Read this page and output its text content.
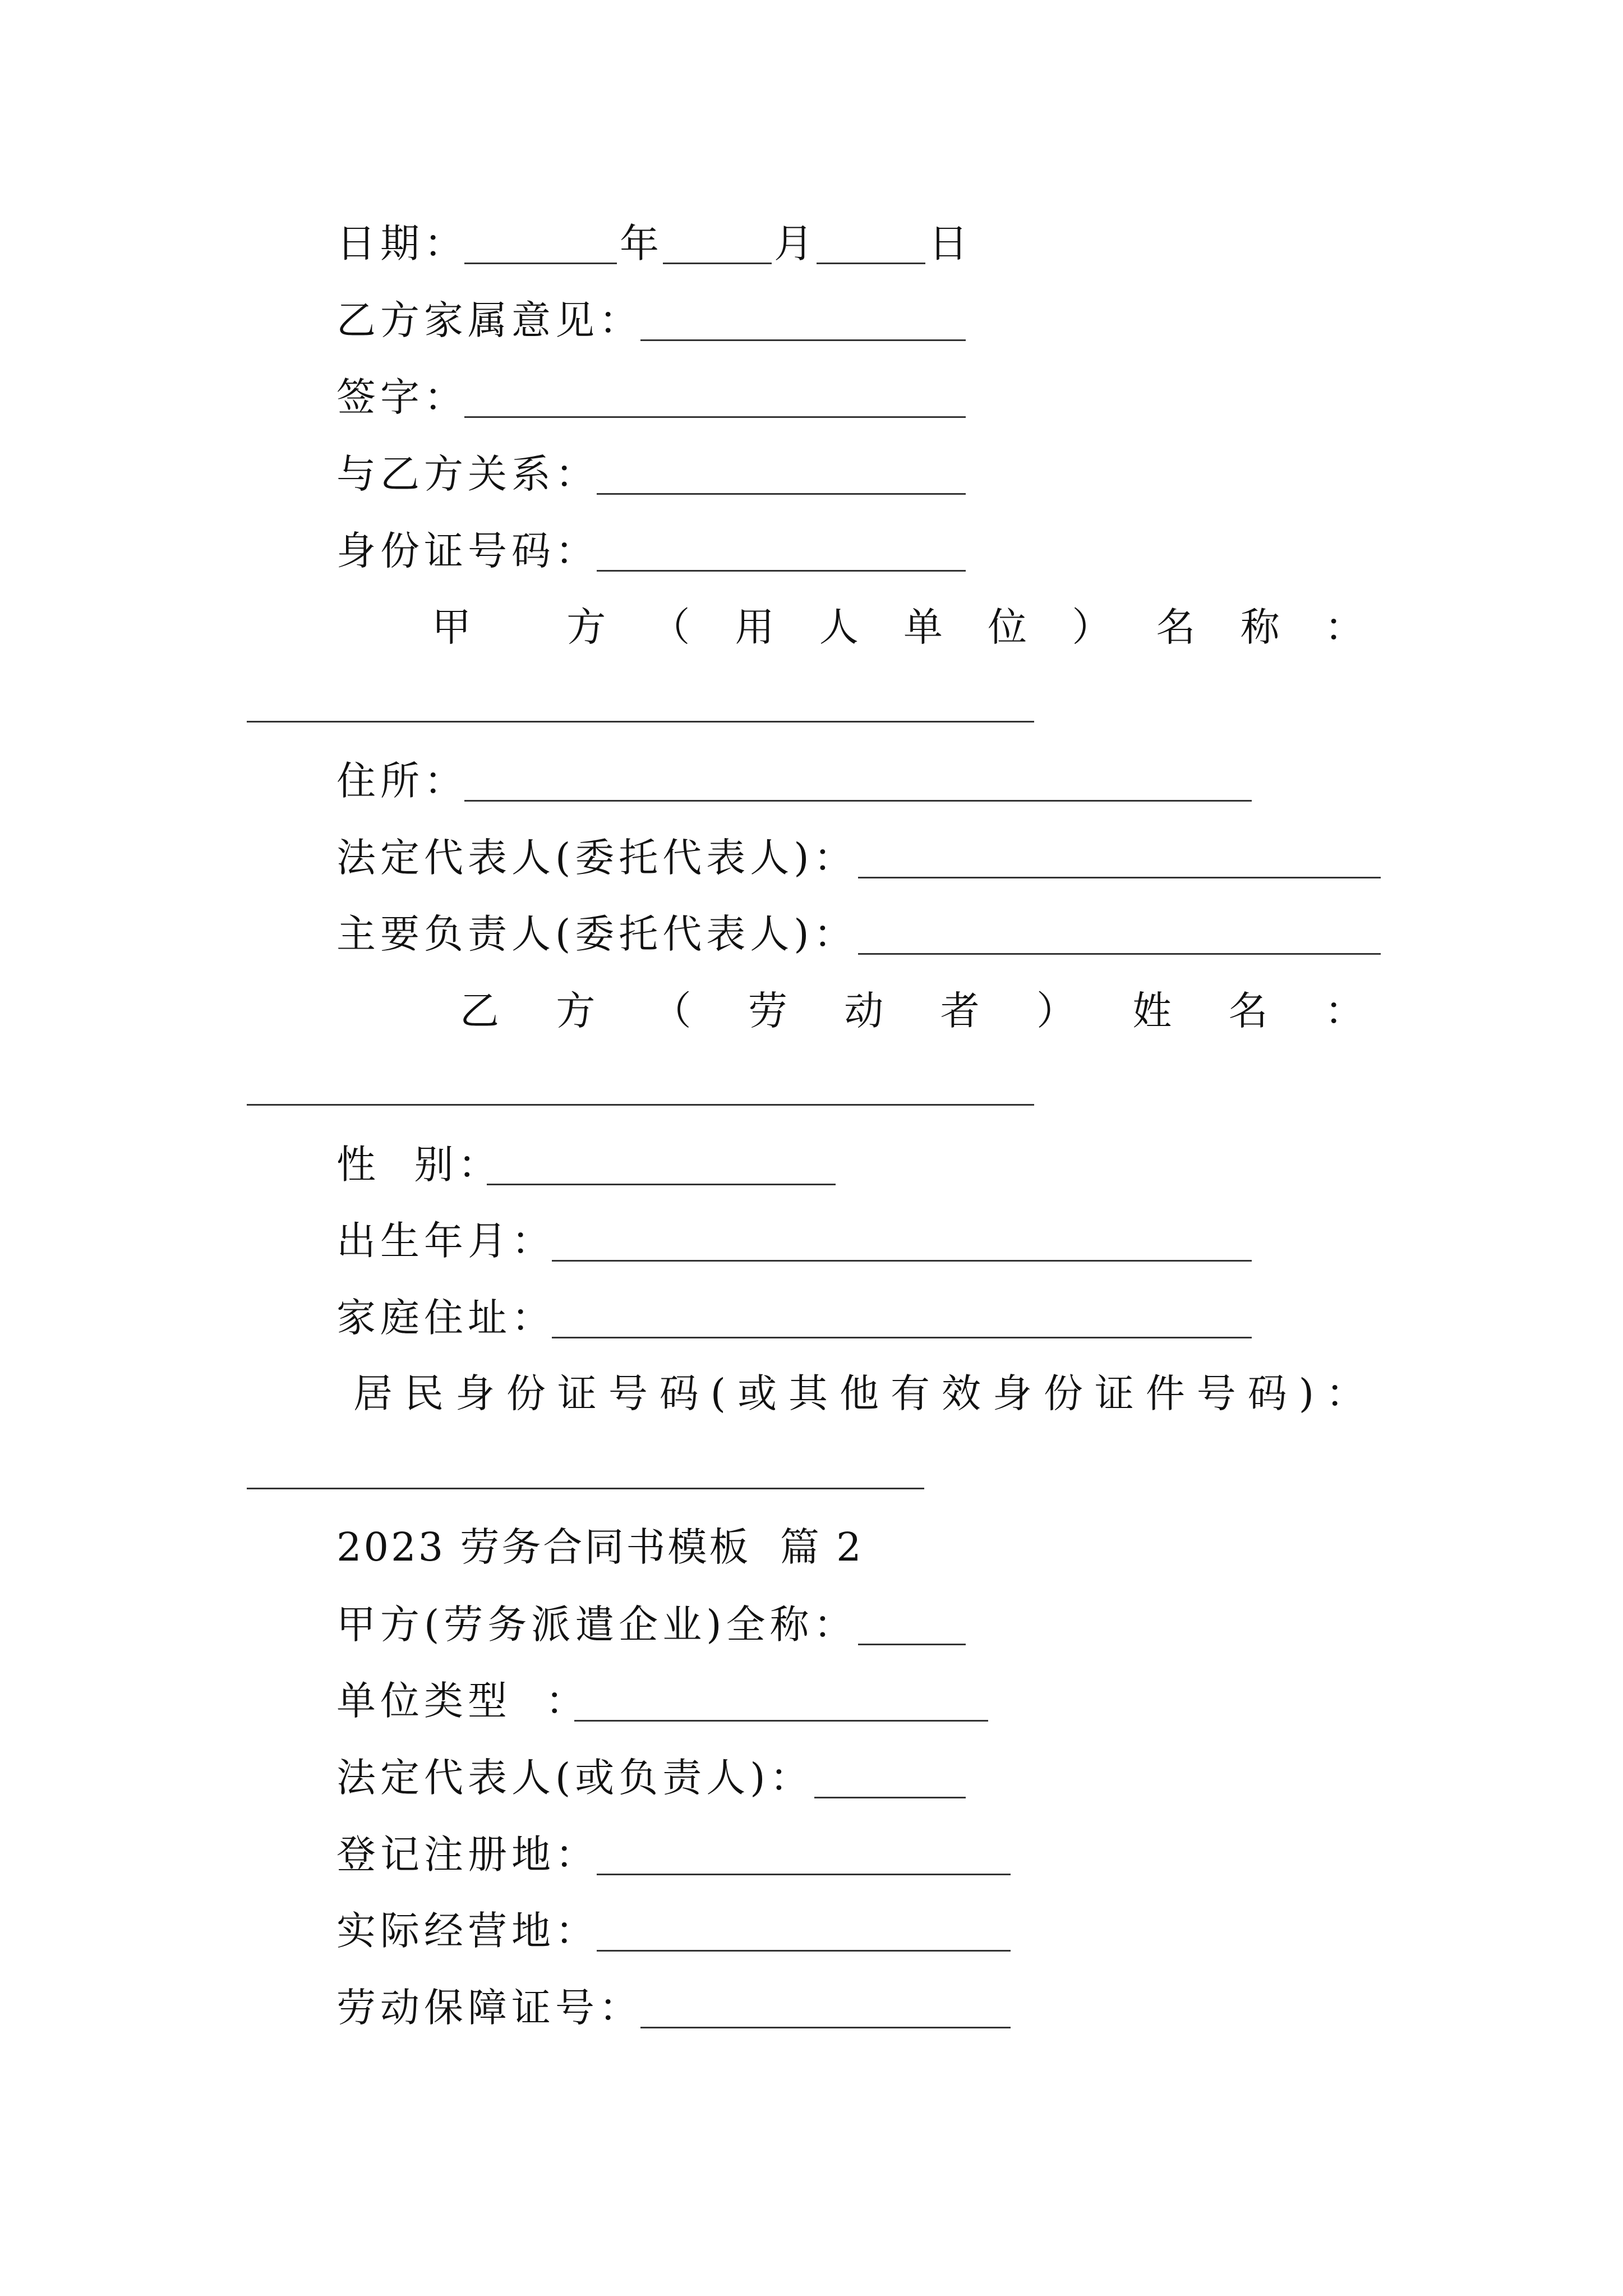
日期：	年	月	日
乙方家属意见：
签字：
与乙方关系：
身份证号码：
甲 方 （ 用 人 单 位 ） 名 称 ：
住所：
法定代表人(委托代表人)：
主要负责人(委托代表人)：
乙 方 （ 劳 动 者 ） 姓 名 ：
性  别：
出生年月：
家庭住址：
居 民 身 份 证 号 码 ( 或 其 他 有 效 身 份 证 件 号 码 ) ：
2023 劳务合同书模板  篇 2
甲方(劳务派遣企业)全称：
单位类型  ：
法定代表人(或负责人)：
登记注册地：
实际经营地：
劳动保障证号：
